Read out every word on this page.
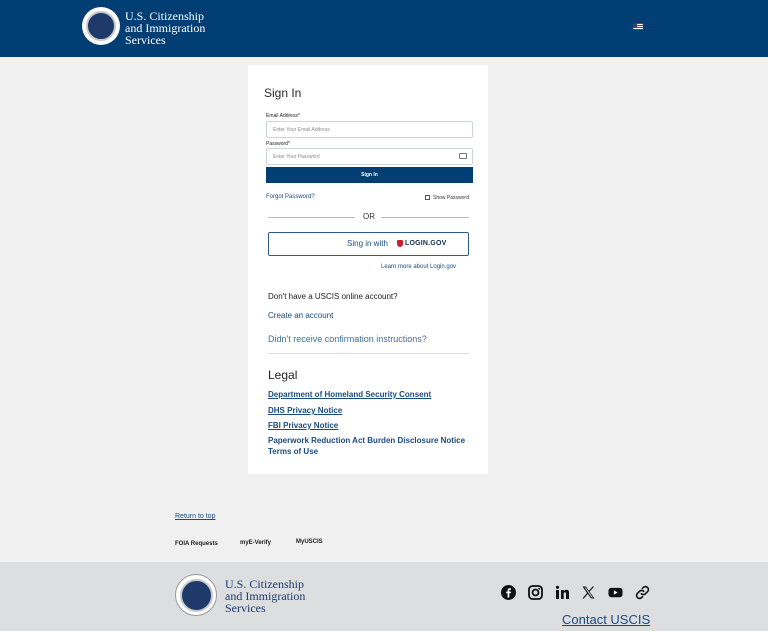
U.S. Citizenship
and Immigration
Services
Sign In
Email Address*
Enter Your Email Address
Password*
Enter Your Password
Sign In
Forgot Password?	Show Password
OR
Sing in with LOGIN.GOV
Learn more about Login.gov
Don't have a USCIS online account?
Create an account
Didn't receive confirmation instructions?
Legal
Department of Homeland Security Consent
DHS Privacy Notice
FBI Privacy Notice
Paperwork Reduction Act Burden Disclosure Notice
Terms of Use
Return to top
FOIA Requests	myE-Verify	MyUSCIS
U.S. Citizenship
and Immigration
Services
Contact USCIS
